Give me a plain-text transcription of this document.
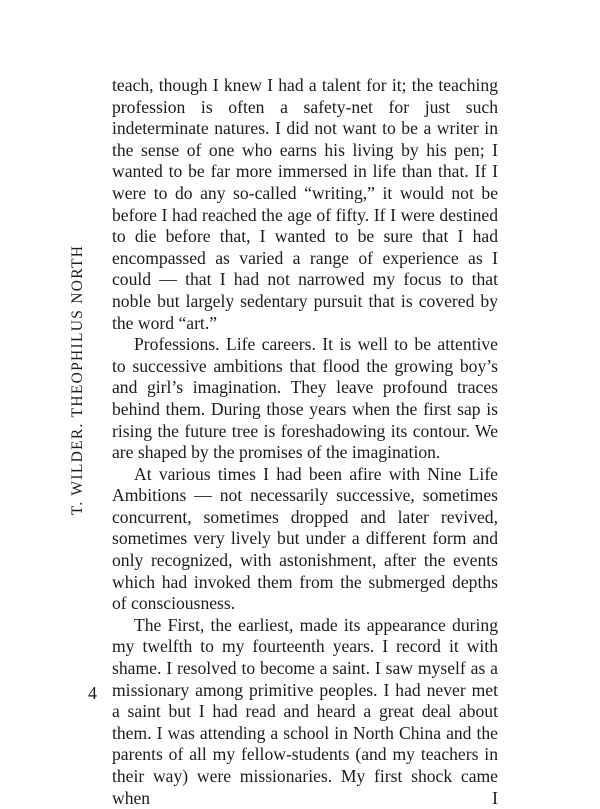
T. WILDER. THEOPHILUS NORTH

teach, though I knew I had a talent for it; the teaching profession is often a safety-net for just such indeterminate natures. I did not want to be a writer in the sense of one who earns his living by his pen; I wanted to be far more immersed in life than that. If I were to do any so-called “writing,” it would not be before I had reached the age of fifty. If I were destined to die before that, I wanted to be sure that I had encompassed as varied a range of experience as I could — that I had not narrowed my focus to that noble but largely sedentary pursuit that is covered by the word “art.”

Professions. Life careers. It is well to be attentive to successive ambitions that flood the growing boy’s and girl’s imagination. They leave profound traces behind them. During those years when the first sap is rising the future tree is foreshadowing its contour. We are shaped by the promises of the imagination.

At various times I had been afire with Nine Life Ambitions — not necessarily successive, sometimes concurrent, sometimes dropped and later revived, sometimes very lively but under a different form and only recognized, with astonishment, after the events which had invoked them from the submerged depths of consciousness.

The First, the earliest, made its appearance during my twelfth to my fourteenth years. I record it with shame. I resolved to become a saint. I saw myself as a missionary among primitive peoples. I had never met a saint but I had read and heard a great deal about them. I was attending a school in North China and the parents of all my fellow-students (and my teachers in their way) were missionaries. My first shock came when I

4
